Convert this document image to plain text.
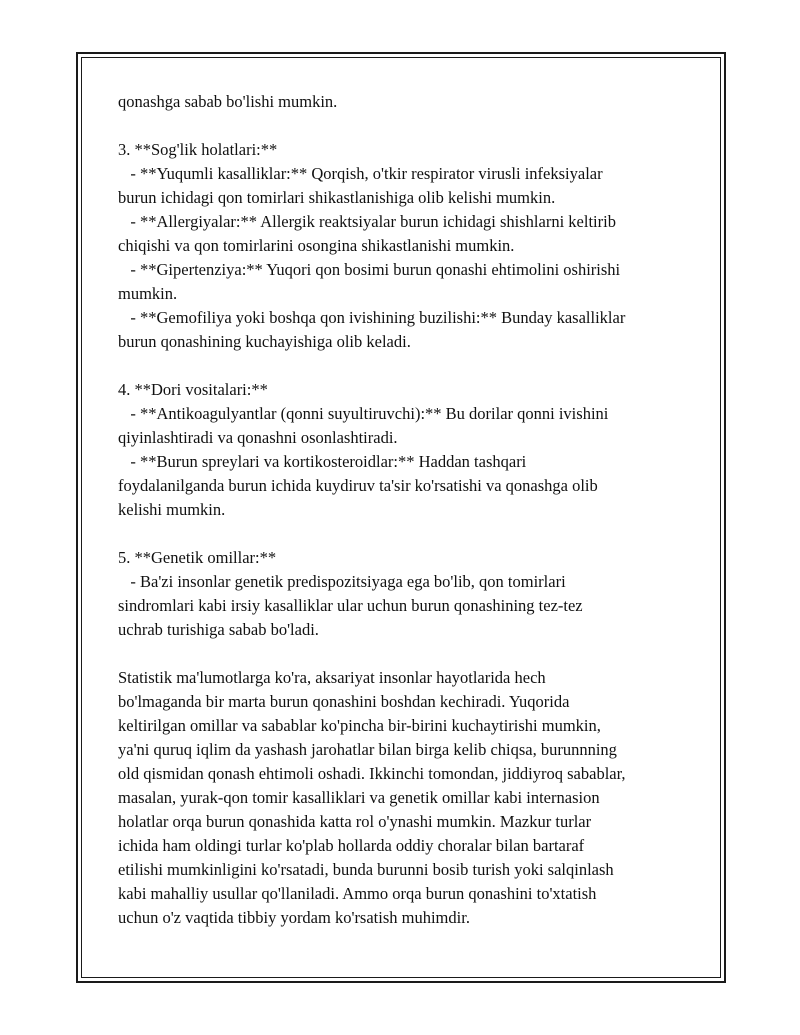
qonashga sabab bo'lishi mumkin.
3. **Sog'lik holatlari:**
- **Yuqumli kasalliklar:** Qorqish, o'tkir respirator virusli infeksiyalar
burun ichidagi qon tomirlari shikastlanishiga olib kelishi mumkin.
- **Allergiyalar:** Allergik reaktsiyalar burun ichidagi shishlarni keltirib
chiqishi va qon tomirlarini osongina shikastlanishi mumkin.
- **Gipertenziya:** Yuqori qon bosimi burun qonashi ehtimolini oshirishi
mumkin.
- **Gemofiliya yoki boshqa qon ivishining buzilishi:** Bunday kasalliklar
burun qonashining kuchayishiga olib keladi.
4. **Dori vositalari:**
- **Antikoagulyantlar (qonni suyultiruvchi):** Bu dorilar qonni ivishini
qiyinlashtiradi va qonashni osonlashtiradi.
- **Burun spreylari va kortikosteroidlar:** Haddan tashqari
foydalanilganda burun ichida kuydiruv ta'sir ko'rsatishi va qonashga olib
kelishi mumkin.
5. **Genetik omillar:**
- Ba'zi insonlar genetik predispozitsiyaga ega bo'lib, qon tomirlari
sindromlari kabi irsiy kasalliklar ular uchun burun qonashining tez-tez
uchrab turishiga sabab bo'ladi.
Statistik ma'lumotlarga ko'ra, aksariyat insonlar hayotlarida hech
bo'lmaganda bir marta burun qonashini boshdan kechiradi. Yuqorida
keltirilgan omillar va sabablar ko'pincha bir-birini kuchaytirishi mumkin,
ya'ni quruq iqlim da yashash jarohatlar bilan birga kelib chiqsa, burunnning
old qismidan qonash ehtimoli oshadi. Ikkinchi tomondan, jiddiyroq sabablar,
masalan, yurak-qon tomir kasalliklari va genetik omillar kabi internasion
holatlar orqa burun qonashida katta rol o'ynashi mumkin. Mazkur turlar
ichida ham oldingi turlar ko'plab hollarda oddiy choralar bilan bartaraf
etilishi mumkinligini ko'rsatadi, bunda burunni bosib turish yoki salqinlash
kabi mahalliy usullar qo'llaniladi. Ammo orqa burun qonashini to'xtatish
uchun o'z vaqtida tibbiy yordam ko'rsatish muhimdir.
